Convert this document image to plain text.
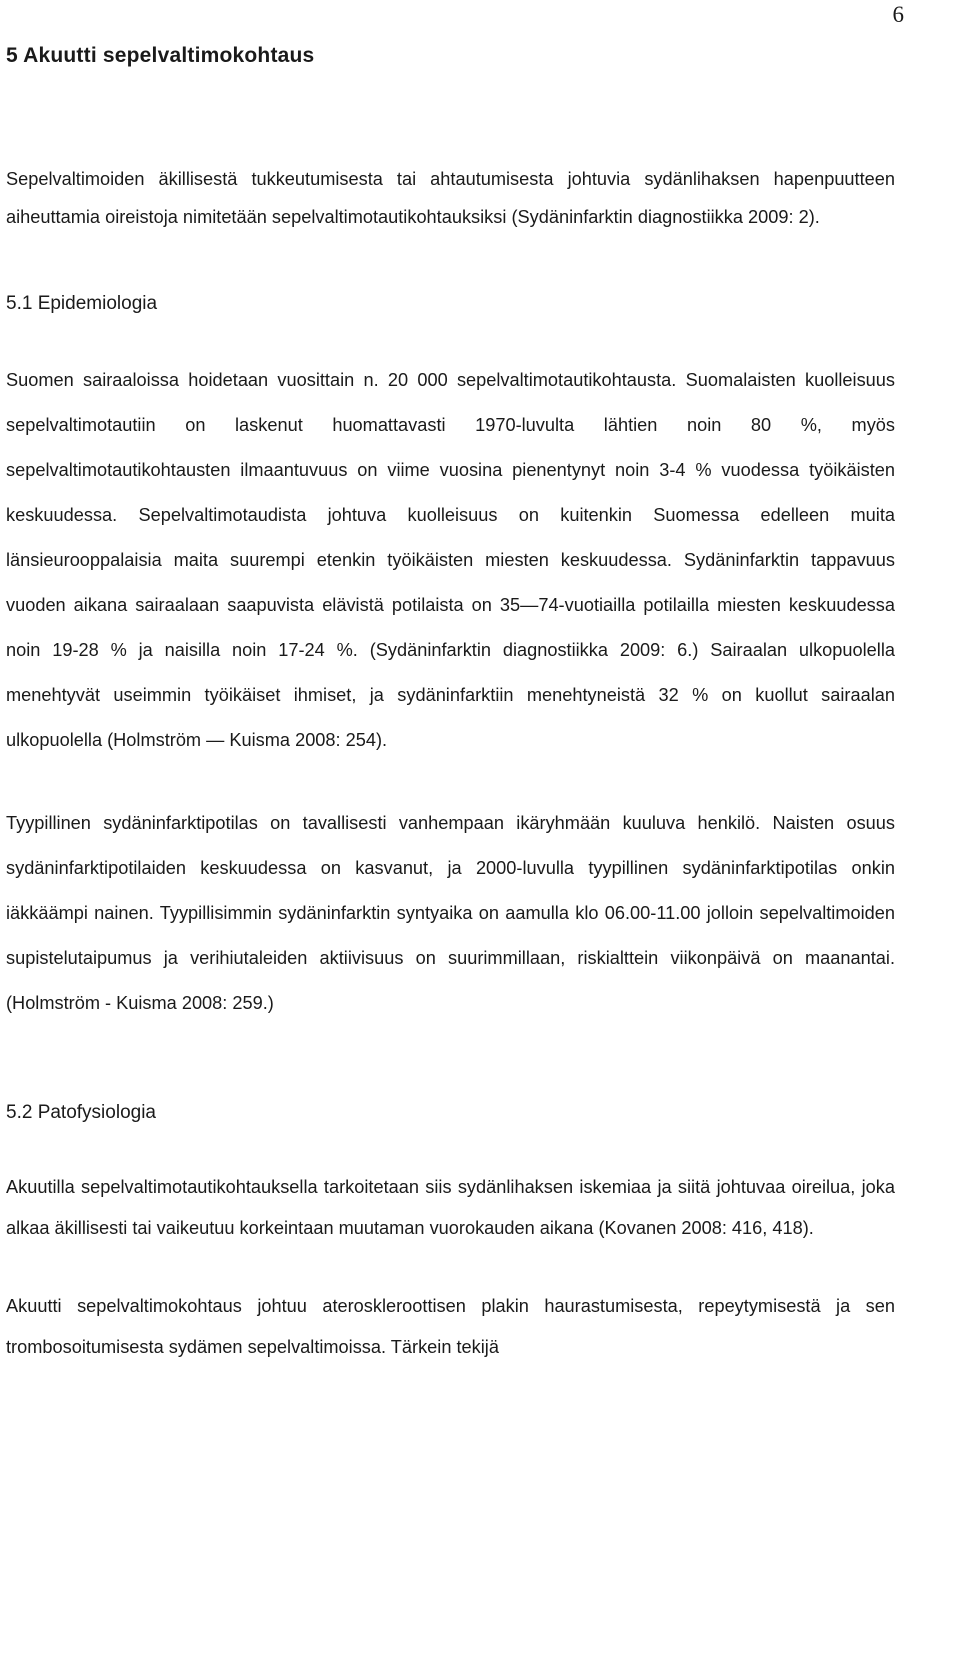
6
5 Akuutti sepelvaltimokohtaus

Sepelvaltimoiden äkillisestä tukkeutumisesta tai ahtautumisesta johtuvia sydänlihaksen hapenpuutteen aiheuttamia oireistoja nimitetään sepelvaltimotautikohtauksiksi (Sydäninfarktin diagnostiikka 2009: 2).

5.1 Epidemiologia

Suomen sairaaloissa hoidetaan vuosittain n. 20 000 sepelvaltimotautikohtausta. Suomalaisten kuolleisuus sepelvaltimotautiin on laskenut huomattavasti 1970-luvulta lähtien noin 80 %, myös sepelvaltimotautikohtausten ilmaantuvuus on viime vuosina pienentynyt noin 3-4 % vuodessa työikäisten keskuudessa. Sepelvaltimotaudista johtuva kuolleisuus on kuitenkin Suomessa edelleen muita länsieurooppalaisia maita suurempi etenkin työikäisten miesten keskuudessa. Sydäninfarktin tappavuus vuoden aikana sairaalaan saapuvista elävistä potilaista on 35—74-vuotiailla potilailla miesten keskuudessa noin 19-28 % ja naisilla noin 17-24 %. (Sydäninfarktin diagnostiikka 2009: 6.) Sairaalan ulkopuolella menehtyvät useimmin työikäiset ihmiset, ja sydäninfarktiin menehtyneistä 32 % on kuollut sairaalan ulkopuolella (Holmström — Kuisma 2008: 254).

Tyypillinen sydäninfarktipotilas on tavallisesti vanhempaan ikäryhmään kuuluva henkilö. Naisten osuus sydäninfarktipotilaiden keskuudessa on kasvanut, ja 2000-luvulla tyypillinen sydäninfarktipotilas onkin iäkkäämpi nainen. Tyypillisimmin sydäninfarktin syntyaika on aamulla klo 06.00-11.00 jolloin sepelvaltimoiden supistelutaipumus ja verihiutaleiden aktiivisuus on suurimmillaan, riskialttein viikonpäivä on maanantai. (Holmström - Kuisma 2008: 259.)

5.2 Patofysiologia

Akuutilla sepelvaltimotautikohtauksella tarkoitetaan siis sydänlihaksen iskemiaa ja siitä johtuvaa oireilua, joka alkaa äkillisesti tai vaikeutuu korkeintaan muutaman vuorokauden aikana (Kovanen 2008: 416, 418).

Akuutti sepelvaltimokohtaus johtuu ateroskleroottisen plakin haurastumisesta, repeytymisestä ja sen trombosoitumisesta sydämen sepelvaltimoissa. Tärkein tekijä
